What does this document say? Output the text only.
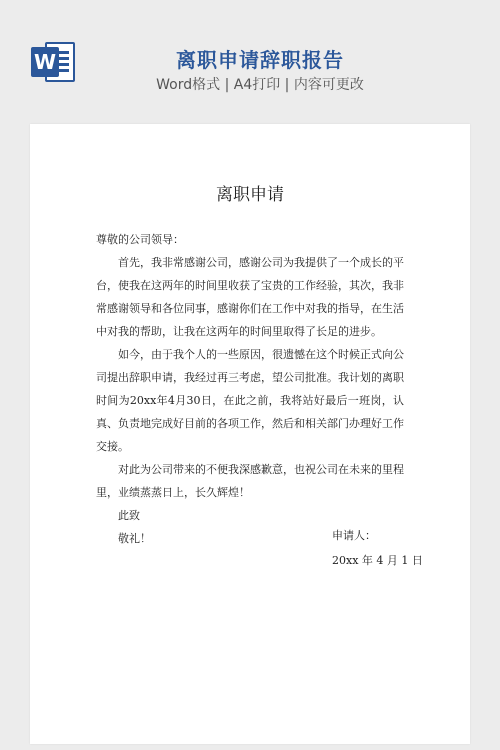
W	离职申请辞职报告
Word格式 | A4打印 | 内容可更改
离职申请

尊敬的公司领导：

首先，我非常感谢公司，感谢公司为我提供了一个成长的平台，使我在这两年的时间里收获了宝贵的工作经验，其次，我非常感谢领导和各位同事，感谢你们在工作中对我的指导，在生活中对我的帮助，让我在这两年的时间里取得了长足的进步。

如今，由于我个人的一些原因，很遗憾在这个时候正式向公司提出辞职申请，我经过再三考虑，望公司批准。我计划的离职时间为20xx年4月30日，在此之前，我将站好最后一班岗，认真、负责地完成好目前的各项工作，然后和相关部门办理好工作交接。

对此为公司带来的不便我深感歉意，也祝公司在未来的里程里，业绩蒸蒸日上，长久辉煌！

此致

敬礼！	申请人：
20xx 年 4 月 1 日
